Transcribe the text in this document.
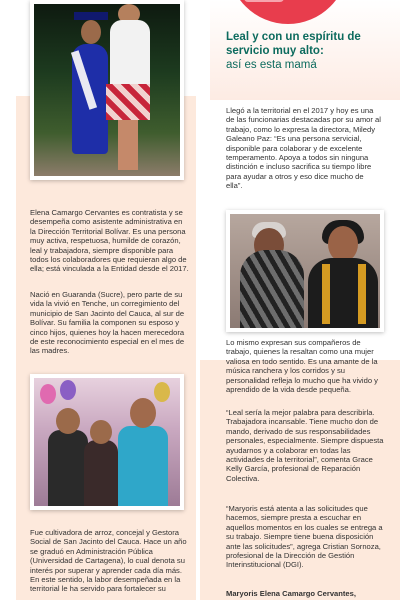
Leal y con un espíritu de servicio muy alto:
así es esta mamá

Llegó a la territorial en el 2017 y hoy es una de las funcionarias destacadas por su amor al trabajo, como lo expresa la directora, Miledy Galeano Paz: “Es una persona servicial, disponible para colaborar y de excelente temperamento. Apoya a todos sin ninguna distinción e incluso sacrifica su tiempo libre para ayudar a otros y eso dice mucho de ella”.

Elena Camargo Cervantes es contratista y se desempeña como asistente administrativa en la Dirección Territorial Bolívar. Es una persona muy activa, respetuosa, humilde de corazón, leal y trabajadora, siempre disponible para todos los colaboradores que requieran algo de ella; está vinculada a la Entidad desde el 2017.

Nació en Guaranda (Sucre), pero parte de su vida la vivió en Tenche, un corregimiento del municipio de San Jacinto del Cauca, al sur de Bolívar. Su familia la componen su esposo y cinco hijos, quienes hoy la hacen merecedora de este reconocimiento especial en el mes de las madres.

Lo mismo expresan sus compañeros de trabajo, quienes la resaltan como una mujer valiosa en todo sentido. Es una amante de la música ranchera y los corridos y su personalidad refleja lo mucho que ha vivido y aprendido de la vida desde pequeña.

“Leal sería la mejor palabra para describirla. Trabajadora incansable. Tiene mucho don de mando, derivado de sus responsabilidades personales, especialmente. Siempre dispuesta ayudarnos y a colaborar en todas las actividades de la territorial”, comenta Grace Kelly García, profesional de Reparación Colectiva.

“Maryoris está atenta a las solicitudes que hacemos, siempre presta a escuchar en aquellos momentos en los cuales se entrega a su trabajo. Siempre tiene buena disposición ante las solicitudes”, agrega Cristian Sornoza, profesional de la Dirección de Gestión Interinstitucional (DGI).

Maryoris Elena Camargo Cervantes,

Fue cultivadora de arroz, concejal y Gestora Social de San Jacinto del Cauca. Hace un año se graduó en Administración Pública (Universidad de Cartagena), lo cual denota su interés por superar y aprender cada día más. En este sentido, la labor desempeñada en la territorial le ha servido para fortalecer su
